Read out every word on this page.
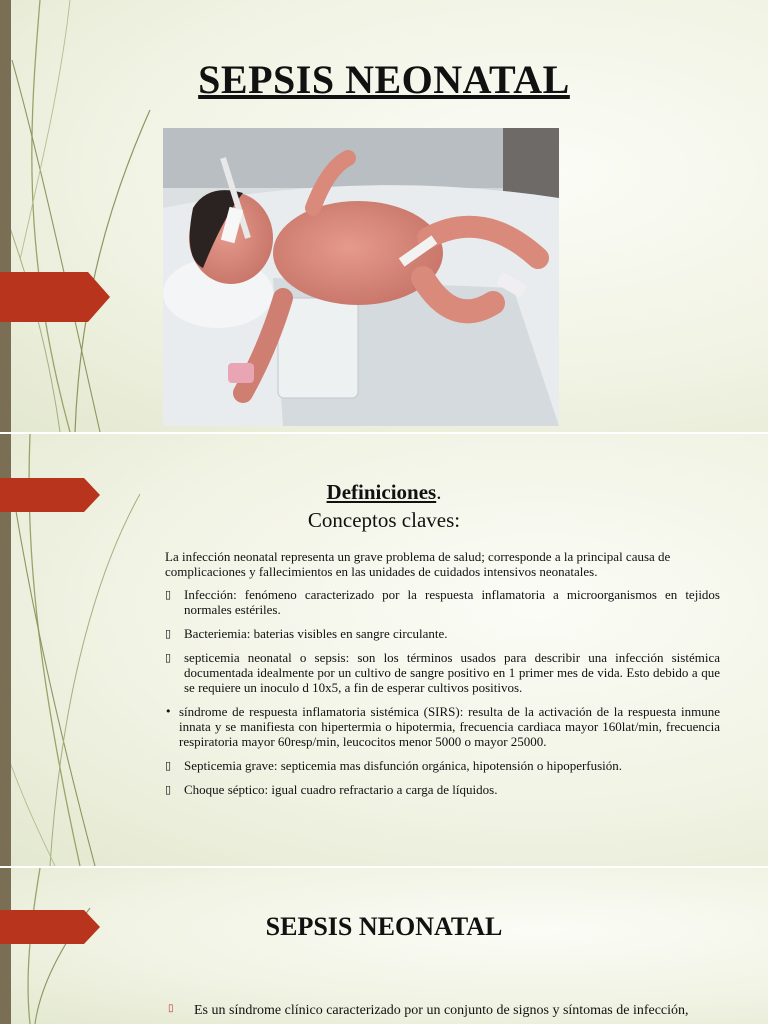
SEPSIS NEONATAL
Definiciones.
Conceptos claves:

La infección neonatal representa un grave problema de salud; corresponde a la principal causa de complicaciones y fallecimientos en las unidades de cuidados intensivos neonatales.

▯ Infección: fenómeno caracterizado por la respuesta inflamatoria a microorganismos en tejidos normales estériles.
▯ Bacteriemia: baterias visibles en sangre circulante.
▯ septicemia neonatal o sepsis: son los términos usados para describir una infección sistémica documentada idealmente por un cultivo de sangre positivo en 1 primer mes de vida. Esto debido a que se requiere un inoculo d 10x5, a fin de esperar cultivos positivos.
• síndrome de respuesta inflamatoria sistémica (SIRS): resulta de la activación de la respuesta inmune innata y se manifiesta con hipertermia o hipotermia, frecuencia cardiaca mayor 160lat/min, frecuencia respiratoria mayor 60resp/min, leucocitos menor 5000 o mayor 25000.
▯ Septicemia grave: septicemia mas disfunción orgánica, hipotensión o hipoperfusión.
▯ Choque séptico: igual cuadro refractario a carga de líquidos.
SEPSIS NEONATAL
▯	Es un síndrome clínico caracterizado por un conjunto de signos y síntomas de infección,
